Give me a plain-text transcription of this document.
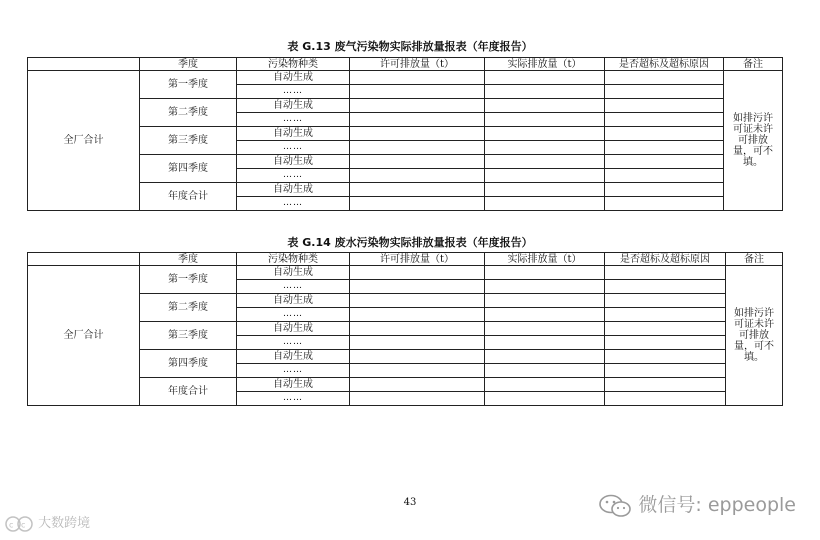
表 G.13 废气污染物实际排放量报表（年度报告）
	季度	污染物种类	许可排放量（t）	实际排放量（t）	是否超标及超标原因	备注
全厂合计	第一季度	自动生成				如排污许可证未许可排放量，可不填。
		……				
	第二季度	自动生成				
		……				
	第三季度	自动生成				
		……				
	第四季度	自动生成				
		……				
	年度合计	自动生成				
		……				
表 G.14 废水污染物实际排放量报表（年度报告）
	季度	污染物种类	许可排放量（t）	实际排放量（t）	是否超标及超标原因	备注
全厂合计	第一季度	自动生成				如排污许可证未许可排放量，可不填。
		……				
	第二季度	自动生成				
		……				
	第三季度	自动生成				
		……				
	第四季度	自动生成				
		……				
	年度合计	自动生成				
		……				
43
c c 大数跨境
微信号: eppeople
